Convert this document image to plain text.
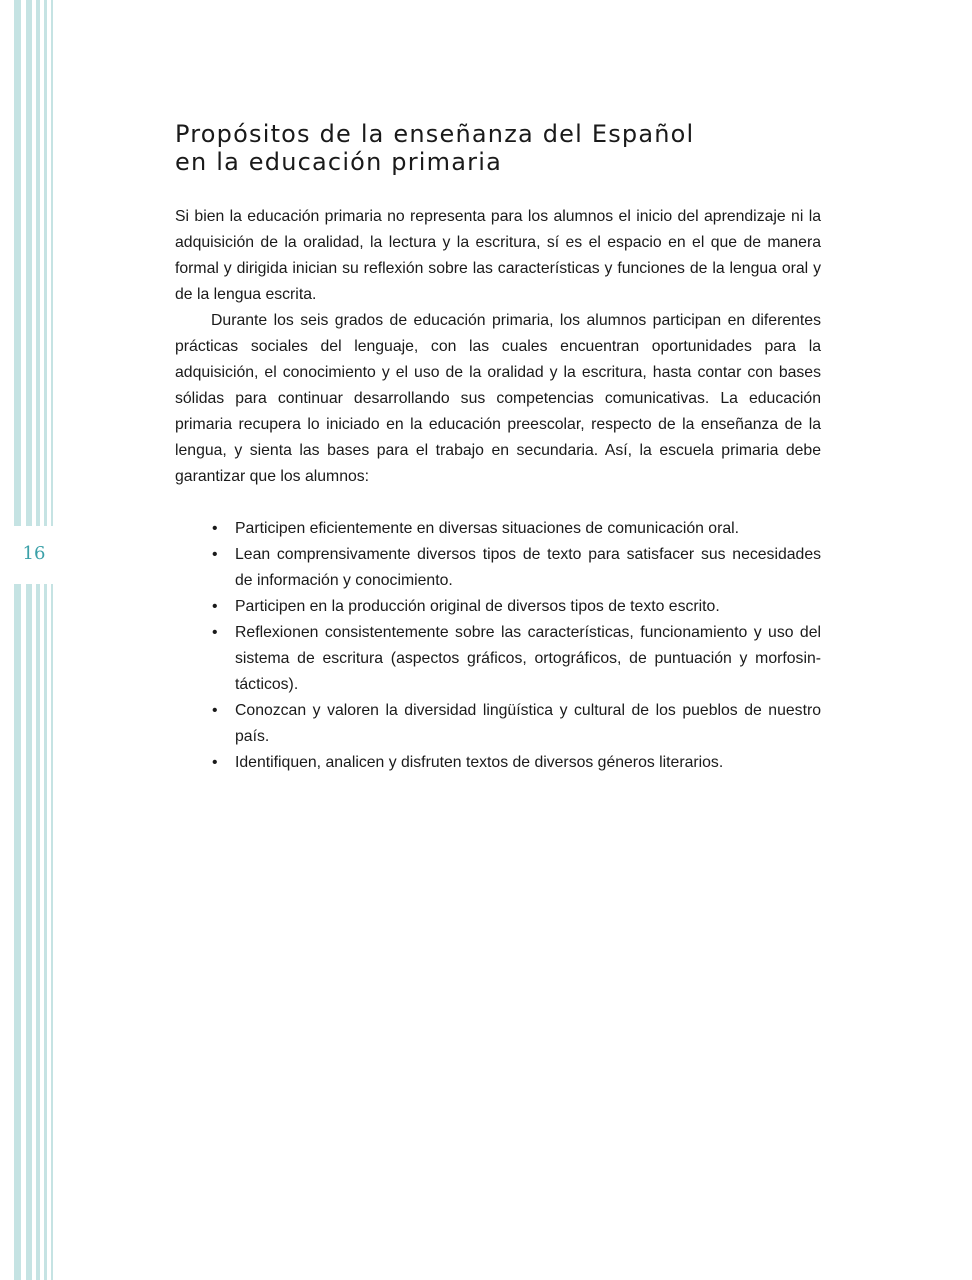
16
Propósitos de la enseñanza del Español
en la educación primaria

Si bien la educación primaria no representa para los alumnos el inicio del aprendizaje ni la adquisición de la oralidad, la lectura y la escritura, sí es el espacio en el que de manera formal y dirigida inician su reflexión sobre las características y funciones de la lengua oral y de la lengua escrita.

Durante los seis grados de educación primaria, los alumnos participan en diferentes prácticas sociales del lenguaje, con las cuales encuentran oportunidades para la adquisición, el conocimiento y el uso de la oralidad y la escritura, hasta contar con bases sólidas para continuar desarrollando sus competencias comunicativas. La educación primaria recupera lo iniciado en la educación preescolar, respecto de la enseñanza de la lengua, y sienta las bases para el trabajo en secundaria. Así, la escuela primaria debe garantizar que los alumnos:

• Participen eficientemente en diversas situaciones de comunicación oral.
• Lean comprensivamente diversos tipos de texto para satisfacer sus necesidades de información y conocimiento.
• Participen en la producción original de diversos tipos de texto escrito.
• Reflexionen consistentemente sobre las características, funcionamiento y uso del sistema de escritura (aspectos gráficos, ortográficos, de puntuación y morfosintácticos).
• Conozcan y valoren la diversidad lingüística y cultural de los pueblos de nuestro país.
• Identifiquen, analicen y disfruten textos de diversos géneros literarios.
